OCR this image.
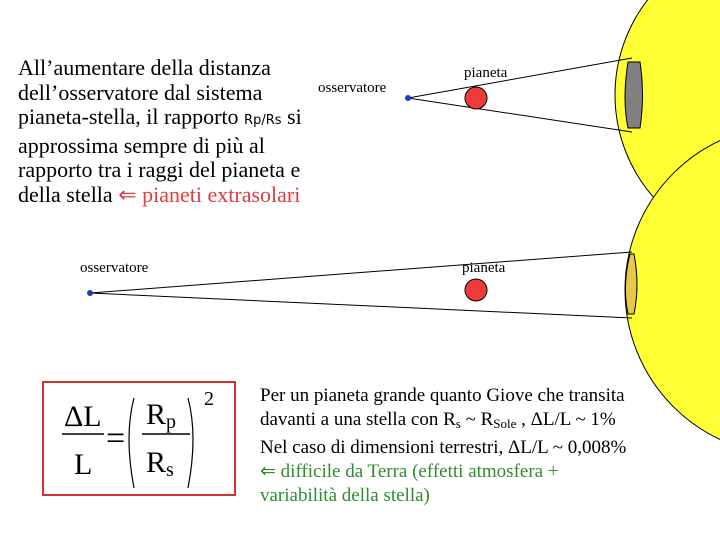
osservatore
pianeta
osservatore	pianeta
All’aumentare della distanza
dell’osservatore dal sistema
pianeta-stella, il rapporto Rp/Rs si
approssima sempre di più al
rapporto tra i raggi del pianeta e
della stella ⇐ pianeti extrasolari
ΔL
L
=
Rp
Rs
2 Per un pianeta grande quanto Giove che transita
davanti a una stella con $R_s$ ~ $R_{Sole}$ , ΔL/L ~ 1%
Nel caso di dimensioni terrestri, ΔL/L ~ 0,008%
⇐ difficile da Terra (effetti atmosfera +
variabilità della stella)
